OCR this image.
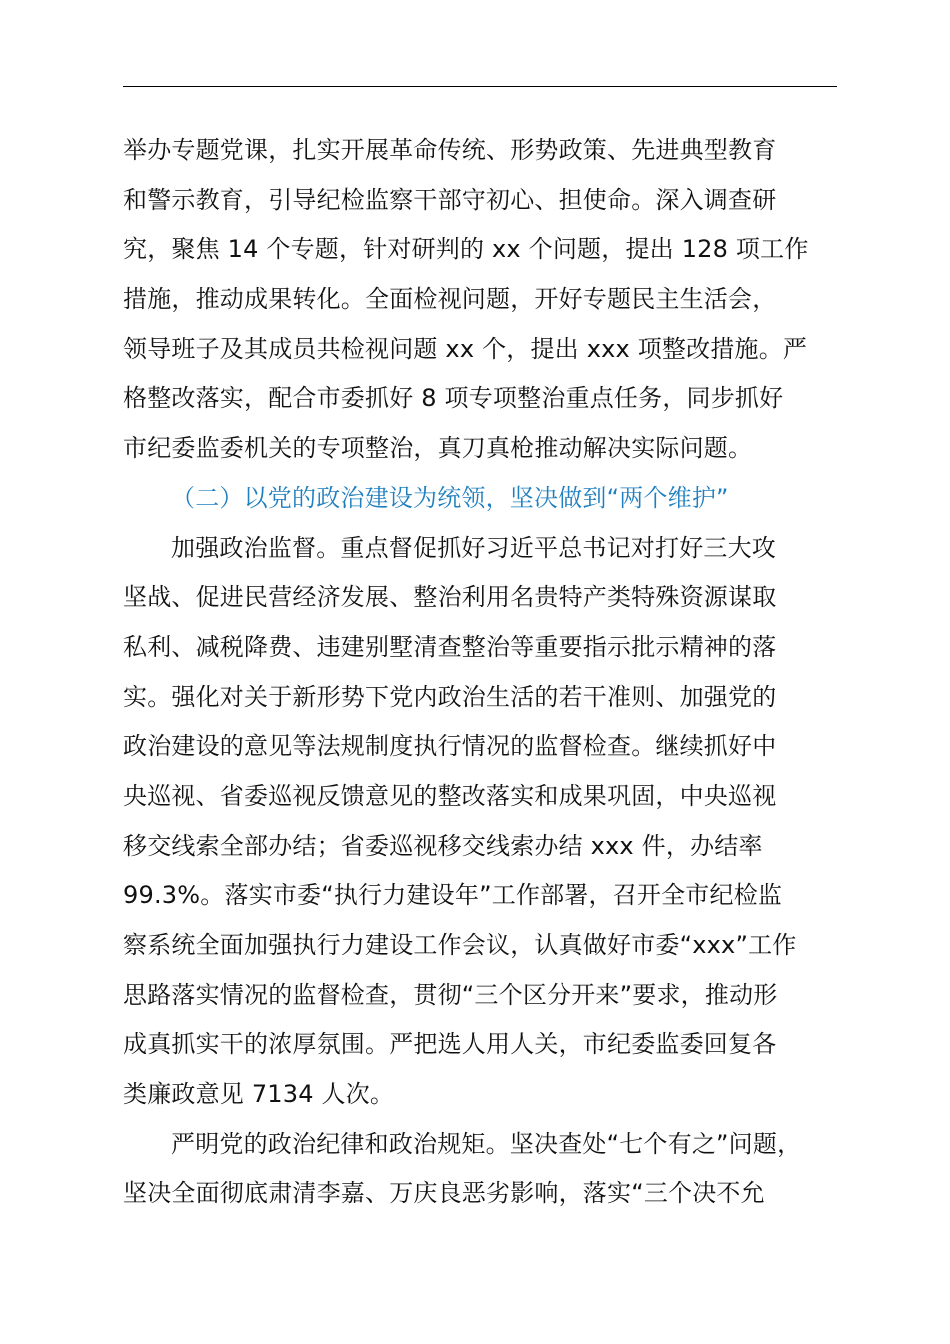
举办专题党课，扎实开展革命传统、形势政策、先进典型教育
和警示教育，引导纪检监察干部守初心、担使命。深入调查研
究，聚焦 14 个专题，针对研判的 xx 个问题，提出 128 项工作
措施，推动成果转化。全面检视问题，开好专题民主生活会，
领导班子及其成员共检视问题 xx 个，提出 xxx 项整改措施。严
格整改落实，配合市委抓好 8 项专项整治重点任务，同步抓好
市纪委监委机关的专项整治，真刀真枪推动解决实际问题。
（二）以党的政治建设为统领，坚决做到“两个维护”
加强政治监督。重点督促抓好习近平总书记对打好三大攻
坚战、促进民营经济发展、整治利用名贵特产类特殊资源谋取
私利、减税降费、违建别墅清查整治等重要指示批示精神的落
实。强化对关于新形势下党内政治生活的若干准则、加强党的
政治建设的意见等法规制度执行情况的监督检查。继续抓好中
央巡视、省委巡视反馈意见的整改落实和成果巩固，中央巡视
移交线索全部办结；省委巡视移交线索办结 xxx 件，办结率
99.3%。落实市委“执行力建设年”工作部署，召开全市纪检监
察系统全面加强执行力建设工作会议，认真做好市委“xxx”工作
思路落实情况的监督检查，贯彻“三个区分开来”要求，推动形
成真抓实干的浓厚氛围。严把选人用人关，市纪委监委回复各
类廉政意见 7134 人次。
严明党的政治纪律和政治规矩。坚决查处“七个有之”问题，
坚决全面彻底肃清李嘉、万庆良恶劣影响，落实“三个决不允
